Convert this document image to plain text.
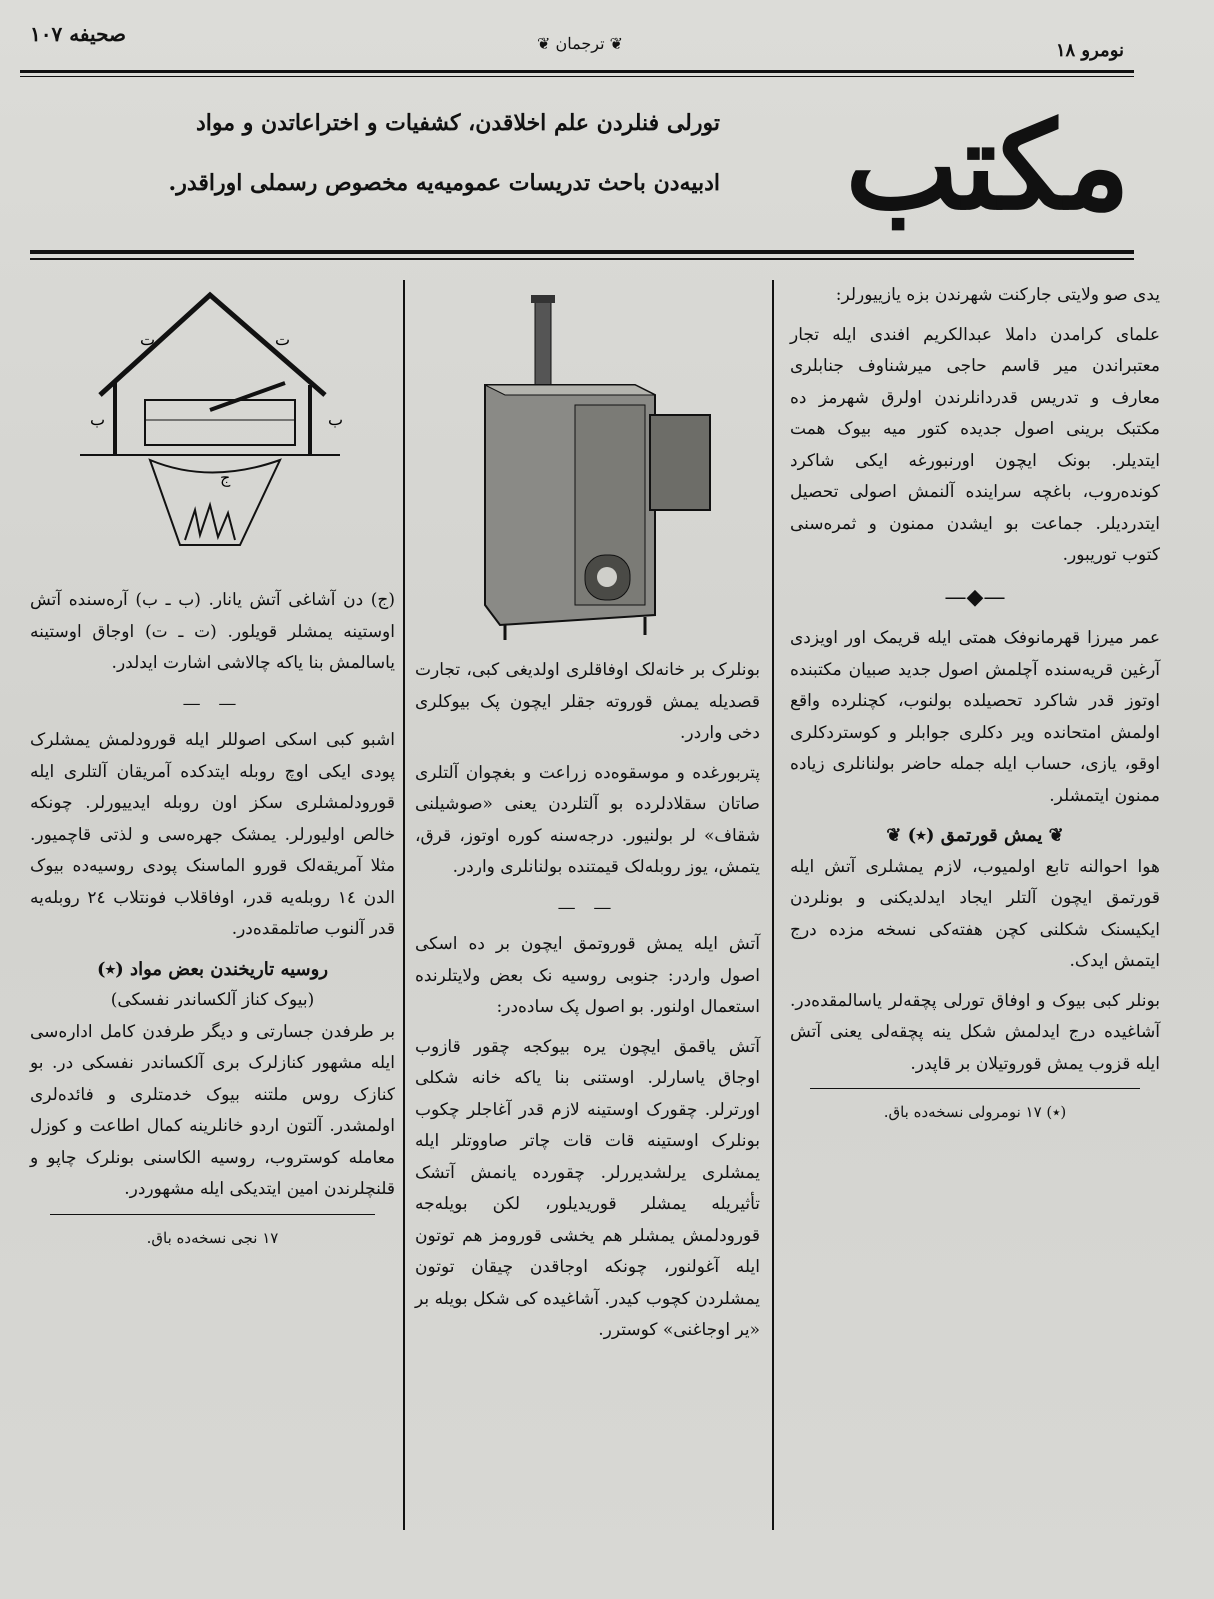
صحیفه ۱۰۷	❦ ترجمان ❦	نومرو ۱۸
تورلی فنلردن علم اخلاقدن، کشفیات و اختراعاتدن و مواد
ادبیه‌دن باحث تدریسات عمومیه‌یه مخصوص رسملی اوراقدر. مکتب

یدی صو ولایتی جارکنت شهرندن بزه یازییورلر:

علمای کرامدن داملا عبدالکریم افندی ایله تجار معتبراندن میر قاسم حاجی میرشناوف جنابلری معارف و تدریس قدردانلرندن اولرق شهرمز ده مکتبک برینی اصول جدیده کتور میه بیوک همت ایتدیلر. بونک ایچون اورنبورغه ایکی شاکرد کونده‌روب، باغچه سراینده آلنمش اصولی تحصیل ایتدردیلر. جماعت بو ایشدن ممنون و ثمره‌سنی کتوب توریبور.

—◆—

عمر میرزا قهرمانوفک همتی ایله قریمک اور اویزدی آرغین قریه‌سنده آچلمش اصول جدید صبیان مکتبنده اوتوز قدر شاکرد تحصیلده بولنوب، کچنلرده واقع اولمش امتحانده ویر دکلری جوابلر و کوستردکلری اوقو، یازی، حساب ایله جمله حاضر بولنانلری زیاده ممنون ایتمشلر.

❦ یمش قورتمق (٭) ❦

هوا احوالنه تابع اولمیوب، لازم یمشلری آتش ایله قورتمق ایچون آلتلر ایجاد ایدلدیکنی و بونلردن ایکیسنک شکلنی کچن هفته‌کی نسخه مزده درج ایتمش ایدک.

بونلر کبی بیوک و اوفاق تورلی پچقه‌لر یاسالمقده‌در. آشاغیده درج ایدلمش شکل ینه پچقه‌لی یعنی آتش ایله قزوب یمش قوروتیلان بر قاپدر.

(٭) ۱۷ نومرولی نسخه‌ده باق.

بونلرک بر خانه‌لک اوفاقلری اولدیغی کبی، تجارت قصدیله یمش قوروته جقلر ایچون پک بیوکلری دخی واردر.

پتربورغده و موسقوه‌ده زراعت و بغچوان آلتلری صاتان سقلادلرده بو آلتلردن یعنی «صوشیلنی شقاف» لر بولنیور. درجه‌سنه کوره اوتوز، قرق، یتمش، یوز روبله‌لک قیمتنده بولنانلری واردر.

— —

آتش ایله یمش قوروتمق ایچون بر ده اسکی اصول واردر: جنوبی روسیه نک بعض ولایتلرنده استعمال اولنور. بو اصول پک ساده‌در:

آتش یاقمق ایچون یره بیوکجه چقور قازوب اوجاق یاسارلر. اوستنی بنا یاکه خانه شکلی اورترلر. چقورک اوستینه لازم قدر آغاجلر چکوب بونلرک اوستینه قات قات چاتر صاووتلر ایله یمشلری یرلشدیررلر. چقورده یانمش آتشک تأثیریله یمشلر قوریدیلور، لکن بویله‌جه قورودلمش یمشلر هم یخشی قورومز هم توتون ایله آغولنور، چونکه اوجاقدن چیقان توتون یمشلردن کچوب کیدر. آشاغیده کی شکل بویله بر «یر اوجاغنی» کوسترر.

ت	ت
ب	ب
ج

(ج) دن آشاغی آتش یانار. (ب ـ ب) آره‌سنده آتش اوستینه یمشلر قویلور. (ت ـ ت) اوجاق اوستینه یاسالمش بنا یاکه چالاشی اشارت ایدلدر.

— —

اشبو کبی اسکی اصوللر ایله قورودلمش یمشلرک پودی ایکی اوچ روبله ایتدکده آمریقان آلتلری ایله قورودلمشلری سکز اون روبله ایدییورلر. چونکه خالص اولیورلر. یمشک جهره‌سی و لذتی قاچمیور. مثلا آمریقه‌لک قورو الماسنک پودی روسیه‌ده بیوک الدن ۱٤ روبله‌یه قدر، اوفاقلاب فونتلاب ۲٤ روبله‌یه قدر آلنوب صاتلمقده‌در.

روسیه تاریخندن بعض مواد (٭)
(بیوک کناز آلکساندر نفسکی)

بر طرفدن جسارتی و دیگر طرفدن کامل اداره‌سی ایله مشهور کنازلرک بری آلکساندر نفسکی در. بو کنازک روس ملتنه بیوک خدمتلری و فائده‌لری اولمشدر. آلتون اردو خانلرینه کمال اطاعت و کوزل معامله کوستروب، روسیه الکاسنی بونلرک چاپو و قلنچلرندن امین ایتدیکی ایله مشهوردر.

۱۷ نجی نسخه‌ده باق.
